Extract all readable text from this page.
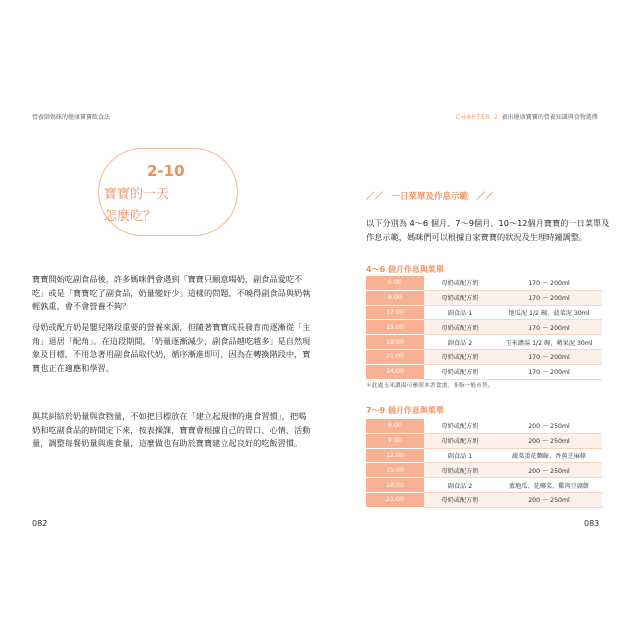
營養師媽咪的健康寶寶飲食法
2-10
寶寶的一天
怎麼吃？

寶寶開始吃副食品後，許多媽咪們會遇到「寶寶只願意喝奶，副食品愛吃不吃」或是「寶寶吃了副食品，奶量變好少」這樣的問題，不曉得副食品與奶執輕孰重，會不會營養不夠？

母奶或配方奶是嬰兒階段重要的營養來源，但隨著寶寶成長發育而逐漸從「主角」退居「配角」。在這段期間，「奶量逐漸減少、副食品越吃越多」是自然現象及目標，不用急著用副食品取代奶，循序漸進即可，因為在轉換階段中，寶寶也正在適應和學習。

與其糾結於奶量與食物量，不如把目標放在「建立起規律的進食習慣」，把喝奶和吃副食品的時間定下來，按表操課，寶寶會根據自己的胃口、心情、活動量，調整每餐奶量與進食量，這麼做也有助於寶寶建立起良好的吃飯習慣。

082
CHAPTER 2 養出健康寶寶的營養知識與食物選擇
／／　一日菜單及作息示範　／／

以下分別為 4～6 個月、7～9個月、10～12個月寶寶的一日菜單及作息示範，媽咪們可以根據自家寶寶的狀況及生理時鐘調整。

4～6 個月作息與菜單
6:00	母奶或配方奶	170 ～ 200ml
9:00	母奶或配方奶	170 ～ 200ml
12:00	副食品 1	地瓜泥 1/2 碗、菠菜泥 30ml
15:00	母奶或配方奶	170 ～ 200ml
18:00	副食品 2	玉米濃湯 1/2 碗、蘋果泥 30ml
21:00	母奶或配方奶	170 ～ 200ml
24:00	母奶或配方奶	170 ～ 200ml
＊此處玉米濃湯可參照本書食譜，非指一般市售。
7～9 個月作息與菜單
6:00	母奶或配方奶	200 ～ 250ml
9:00	母奶或配方奶	200 ～ 250ml
12:00	副食品 1	蔬菜蛋花麵線、香蕉芝麻條
15:00	母奶或配方奶	200 ～ 250ml
18:00	副食品 2	蒸地瓜、花椰菜、雞肉豆腐餅
21:00	母奶或配方奶	200 ～ 250ml
083
